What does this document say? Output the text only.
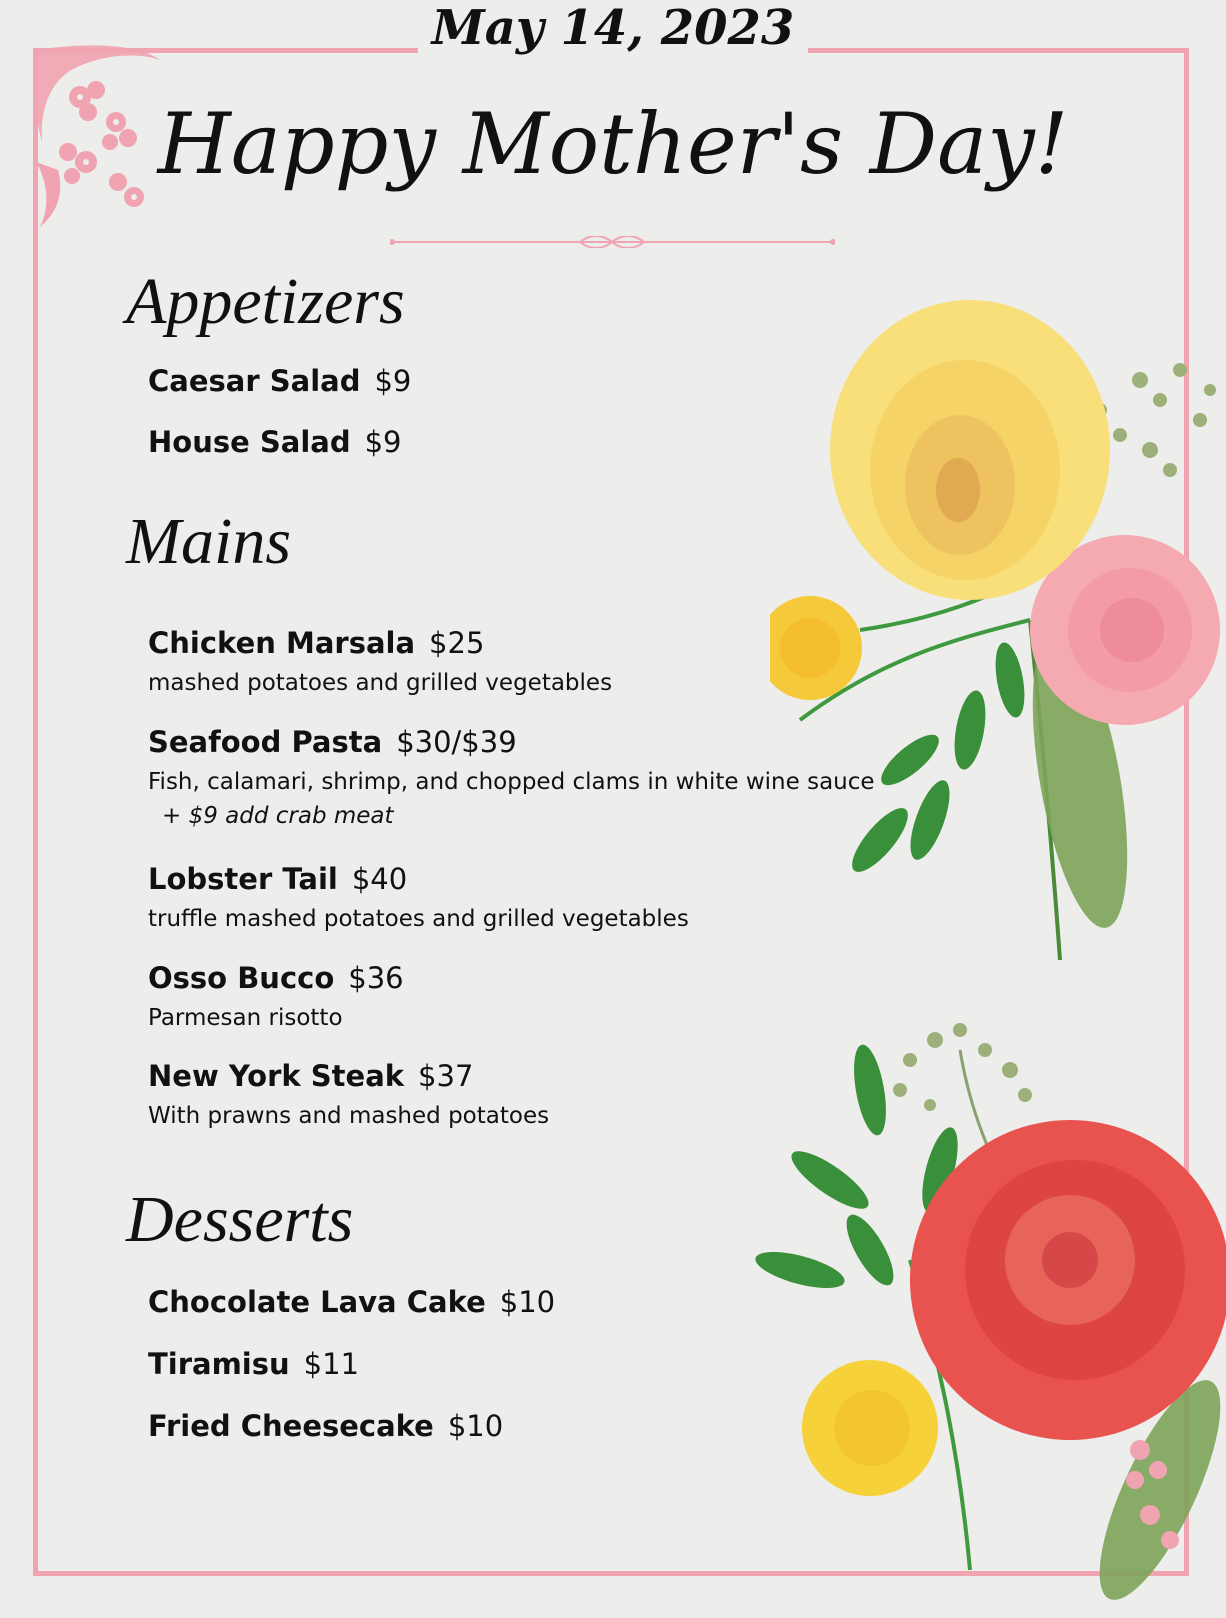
May 14, 2023
Happy Mother's Day!
Appetizers
Caesar Salad $9
House Salad $9
Mains
Chicken Marsala $25
mashed potatoes and grilled vegetables
Seafood Pasta $30/$39
Fish, calamari, shrimp, and chopped clams in white wine sauce
+ $9 add crab meat
Lobster Tail $40
truffle mashed potatoes and grilled vegetables
Osso Bucco $36
Parmesan risotto
New York Steak $37
With prawns and mashed potatoes
Desserts
Chocolate Lava Cake $10
Tiramisu $11
Fried Cheesecake $10
